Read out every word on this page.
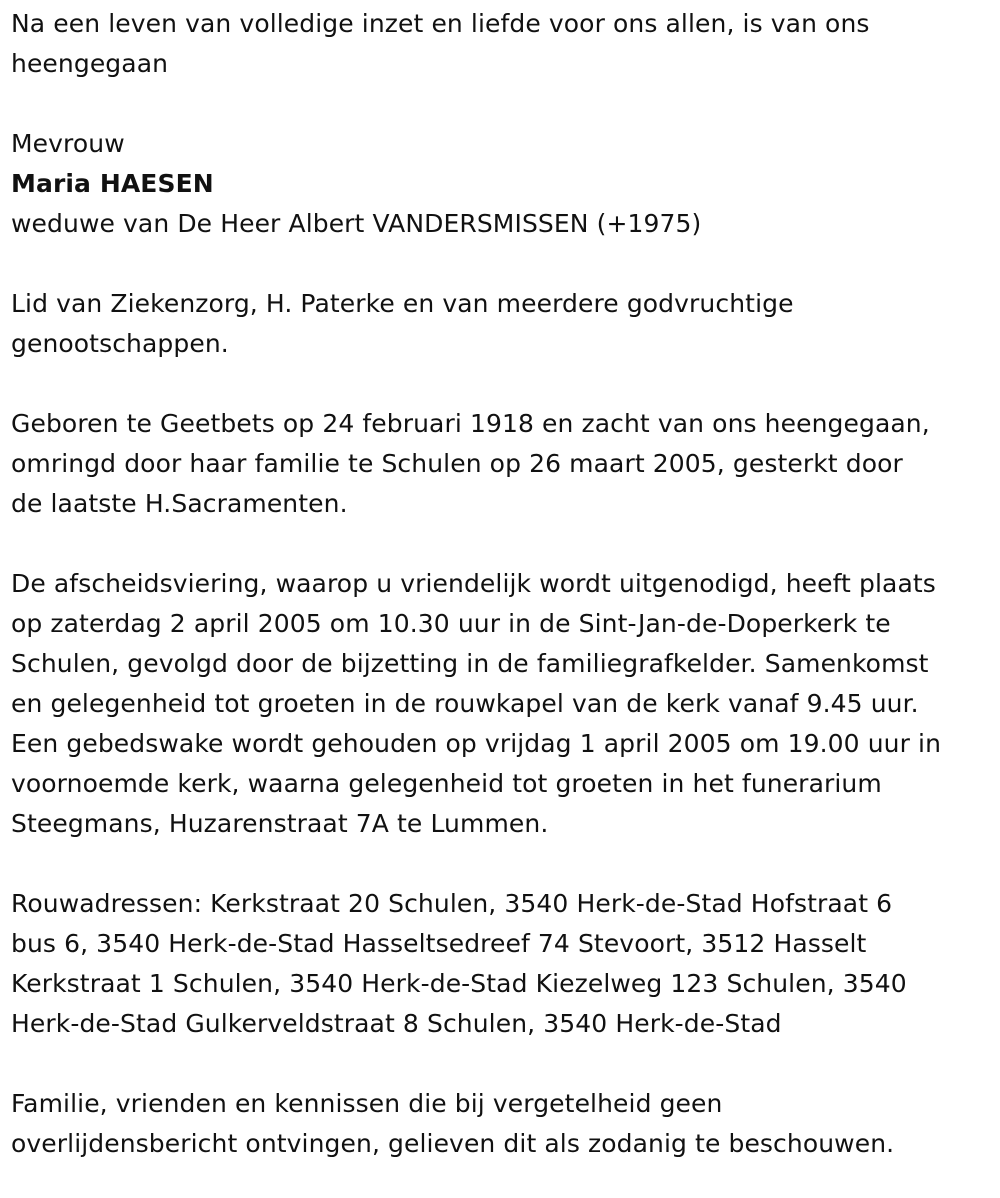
Na een leven van volledige inzet en liefde voor ons allen, is van ons
heengegaan

Mevrouw

Maria HAESEN

weduwe van De Heer Albert VANDERSMISSEN (+1975)

Lid van Ziekenzorg, H. Paterke en van meerdere godvruchtige
genootschappen.

Geboren te Geetbets op 24 februari 1918 en zacht van ons heengegaan,
omringd door haar familie te Schulen op 26 maart 2005, gesterkt door
de laatste H.Sacramenten.

De afscheidsviering, waarop u vriendelijk wordt uitgenodigd, heeft plaats
op zaterdag 2 april 2005 om 10.30 uur in de Sint-Jan-de-Doperkerk te
Schulen, gevolgd door de bijzetting in de familiegrafkelder. Samenkomst
en gelegenheid tot groeten in de rouwkapel van de kerk vanaf 9.45 uur.
Een gebedswake wordt gehouden op vrijdag 1 april 2005 om 19.00 uur in
voornoemde kerk, waarna gelegenheid tot groeten in het funerarium
Steegmans, Huzarenstraat 7A te Lummen.

Rouwadressen: Kerkstraat 20 Schulen, 3540 Herk-de-Stad Hofstraat 6
bus 6, 3540 Herk-de-Stad Hasseltsedreef 74 Stevoort, 3512 Hasselt
Kerkstraat 1 Schulen, 3540 Herk-de-Stad Kiezelweg 123 Schulen, 3540
Herk-de-Stad Gulkerveldstraat 8 Schulen, 3540 Herk-de-Stad

Familie, vrienden en kennissen die bij vergetelheid geen
overlijdensbericht ontvingen, gelieven dit als zodanig te beschouwen.
